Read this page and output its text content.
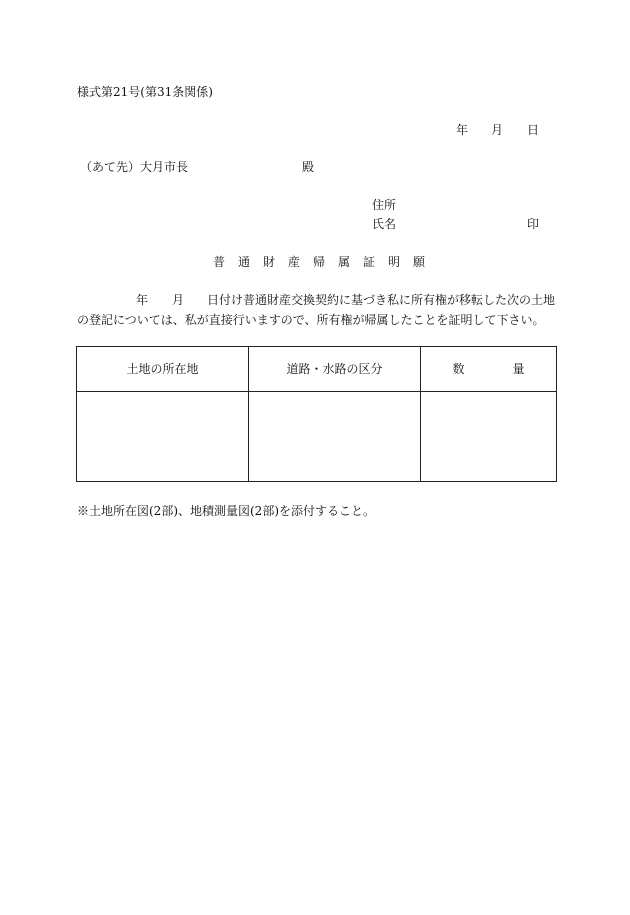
様式第21号(第31条関係)
年 月 日
（あて先）大月市長	殿
住所
氏名	印
普 通 財 産 帰 属 証 明 願
年 月 日付け普通財産交換契約に基づき私に所有権が移転した次の土地
の登記については、私が直接行いますので、所有権が帰属したことを証明して下さい。
土地の所在地	道路・水路の区分	数 量

※土地所在図(2部)、地積測量図(2部)を添付すること。
